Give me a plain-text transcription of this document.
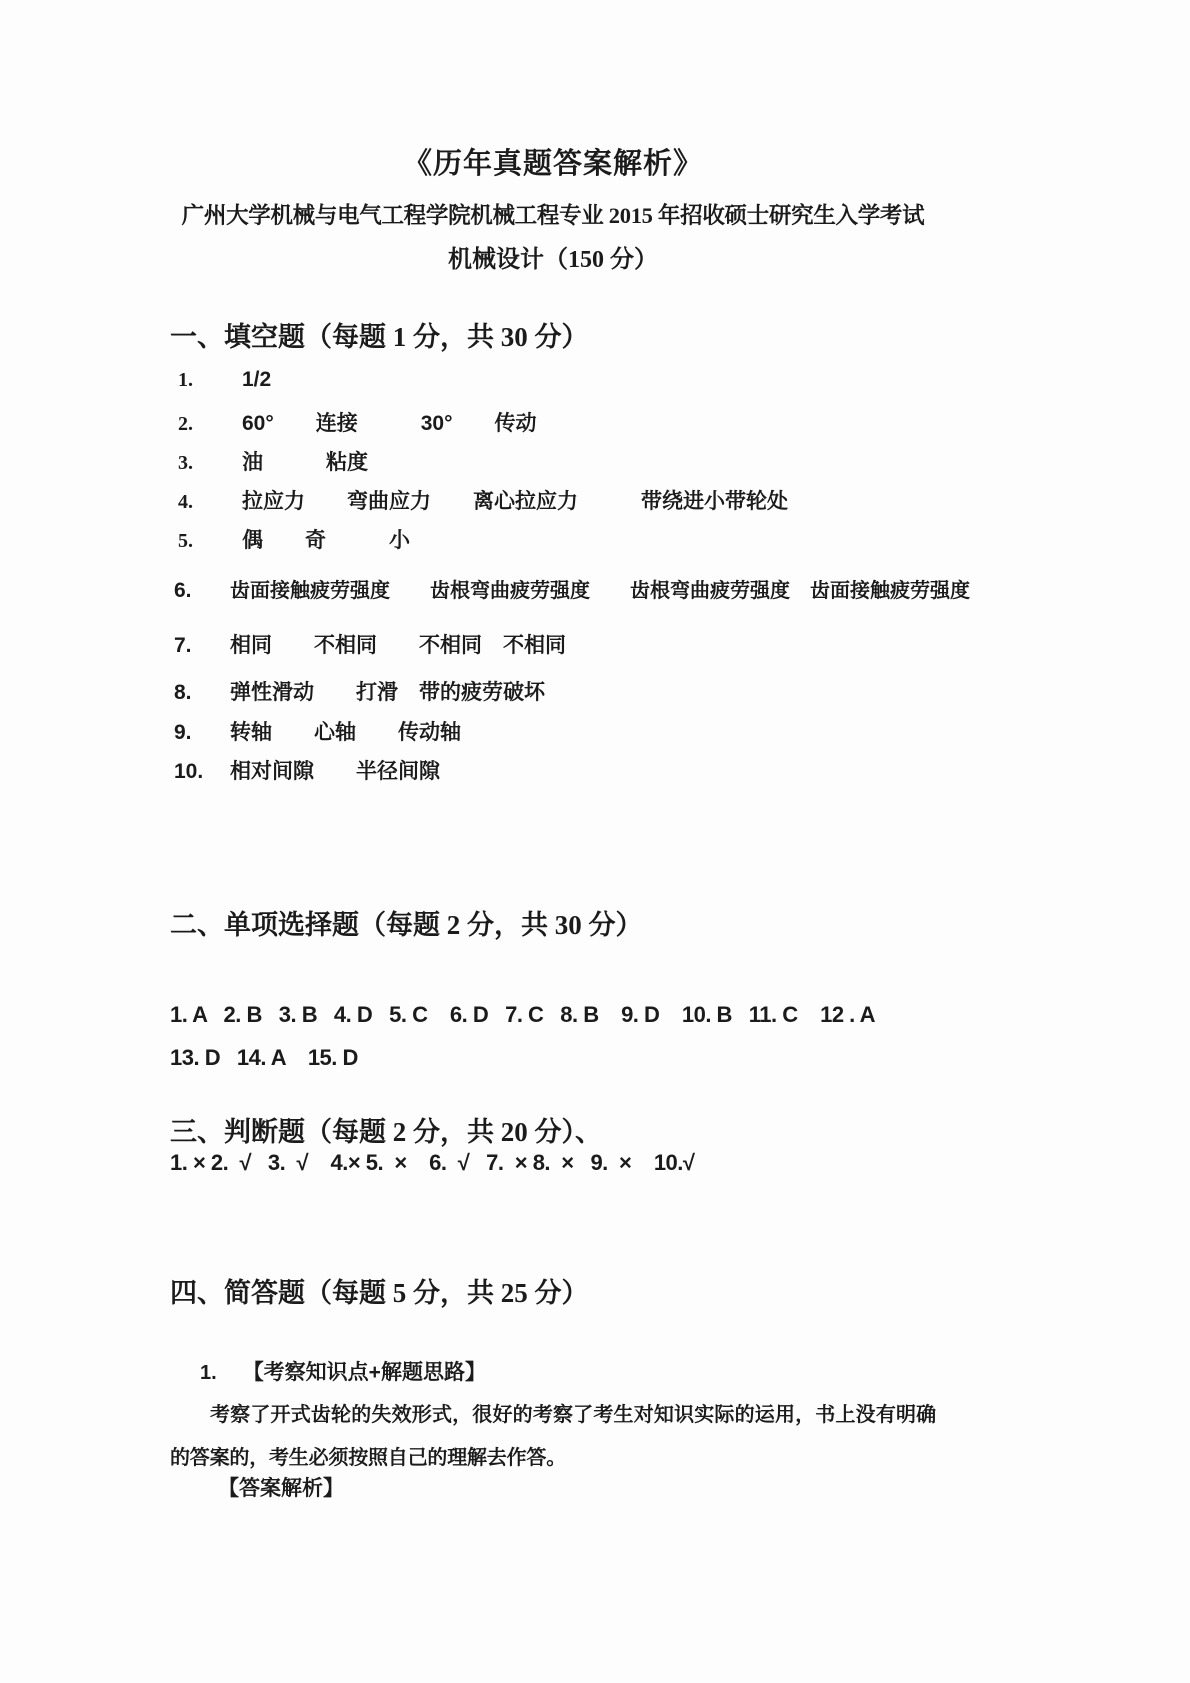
《历年真题答案解析》
广州大学机械与电气工程学院机械工程专业 2015 年招收硕士研究生入学考试
机械设计（150 分）
一、填空题（每题 1 分，共 30 分）
1.	1/2
2.	60°　　连接　　　30°　　传动
3.	油　　　粘度
4.	拉应力　　弯曲应力　　离心拉应力　　　带绕进小带轮处
5.	偶　　奇　　　小
6.	齿面接触疲劳强度　　齿根弯曲疲劳强度　　齿根弯曲疲劳强度　齿面接触疲劳强度
7.	相同　　不相同　　不相同　不相同
8.	弹性滑动　　打滑　带的疲劳破坏
9.	转轴　　心轴　　传动轴
10.	相对间隙　　半径间隙
二、单项选择题（每题 2 分，共 30 分）
1. A   2. B   3. B   4. D   5. C    6. D   7. C   8. B    9. D    10. B   11. C    12 . A
13. D   14. A    15. D
三、判断题（每题 2 分，共 20 分）、
1. × 2.  √   3.  √    4.× 5.  ×    6.  √   7.  × 8.  ×   9.  ×    10.√
四、简答题（每题 5 分，共 25 分）
1. 【考察知识点+解题思路】
考察了开式齿轮的失效形式，很好的考察了考生对知识实际的运用，书上没有明确的答案的，考生必须按照自己的理解去作答。
【答案解析】
